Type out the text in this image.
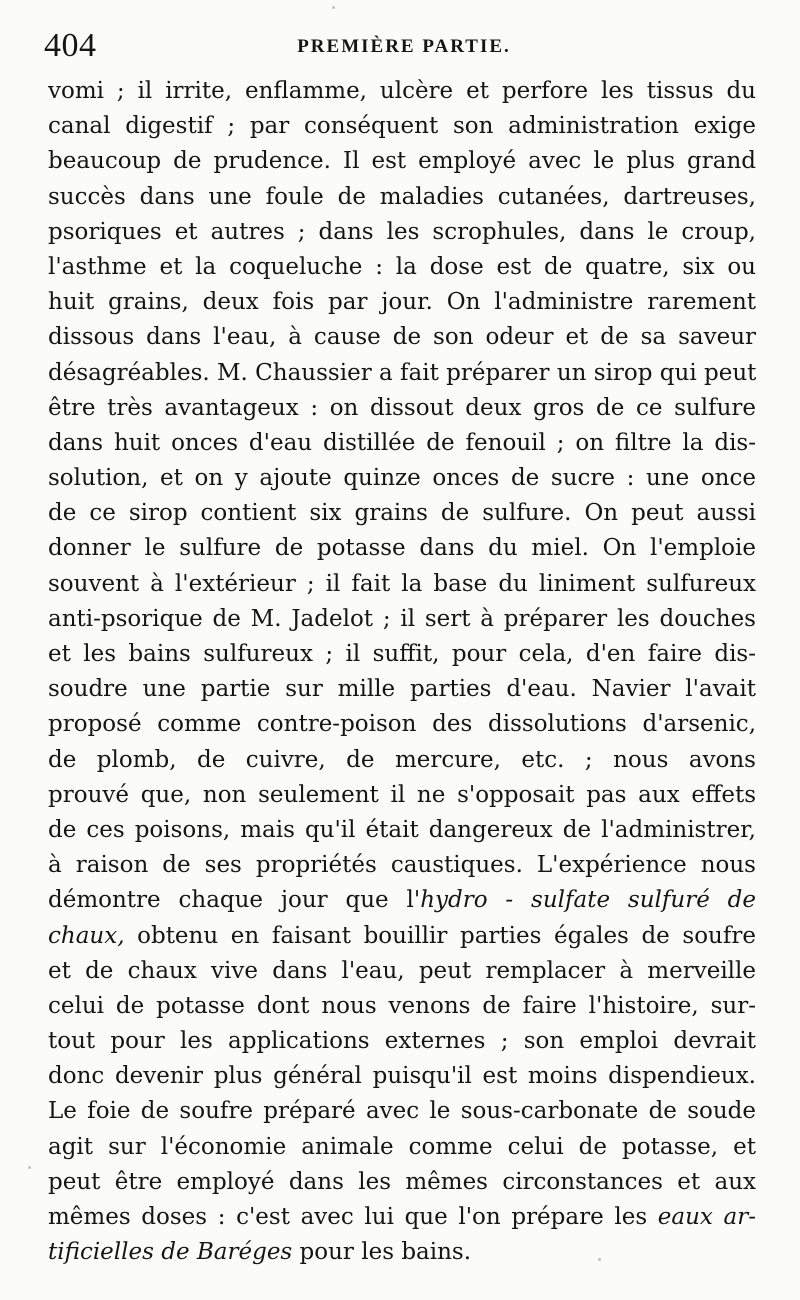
404	PREMIÈRE PARTIE.
vomi ; il irrite, enflamme, ulcère et perfore les tissus du
canal digestif ; par conséquent son administration exige
beaucoup de prudence. Il est employé avec le plus grand
succès dans une foule de maladies cutanées, dartreuses,
psoriques et autres ; dans les scrophules, dans le croup,
l'asthme et la coqueluche : la dose est de quatre, six ou
huit grains, deux fois par jour. On l'administre rarement
dissous dans l'eau, à cause de son odeur et de sa saveur
désagréables. M. Chaussier a fait préparer un sirop qui peut
être très avantageux : on dissout deux gros de ce sulfure
dans huit onces d'eau distillée de fenouil ; on filtre la dis-
solution, et on y ajoute quinze onces de sucre : une once
de ce sirop contient six grains de sulfure. On peut aussi
donner le sulfure de potasse dans du miel. On l'emploie
souvent à l'extérieur ; il fait la base du liniment sulfureux
anti-psorique de M. Jadelot ; il sert à préparer les douches
et les bains sulfureux ; il suffit, pour cela, d'en faire dis-
soudre une partie sur mille parties d'eau. Navier l'avait
proposé comme contre-poison des dissolutions d'arsenic,
de plomb, de cuivre, de mercure, etc. ; nous avons
prouvé que, non seulement il ne s'opposait pas aux effets
de ces poisons, mais qu'il était dangereux de l'administrer,
à raison de ses propriétés caustiques. L'expérience nous
démontre chaque jour que l'hydro - sulfate sulfuré de
chaux, obtenu en faisant bouillir parties égales de soufre
et de chaux vive dans l'eau, peut remplacer à merveille
celui de potasse dont nous venons de faire l'histoire, sur-
tout pour les applications externes ; son emploi devrait
donc devenir plus général puisqu'il est moins dispendieux.
Le foie de soufre préparé avec le sous-carbonate de soude
agit sur l'économie animale comme celui de potasse, et
peut être employé dans les mêmes circonstances et aux
mêmes doses : c'est avec lui que l'on prépare les eaux ar-
tificielles de Baréges pour les bains.
